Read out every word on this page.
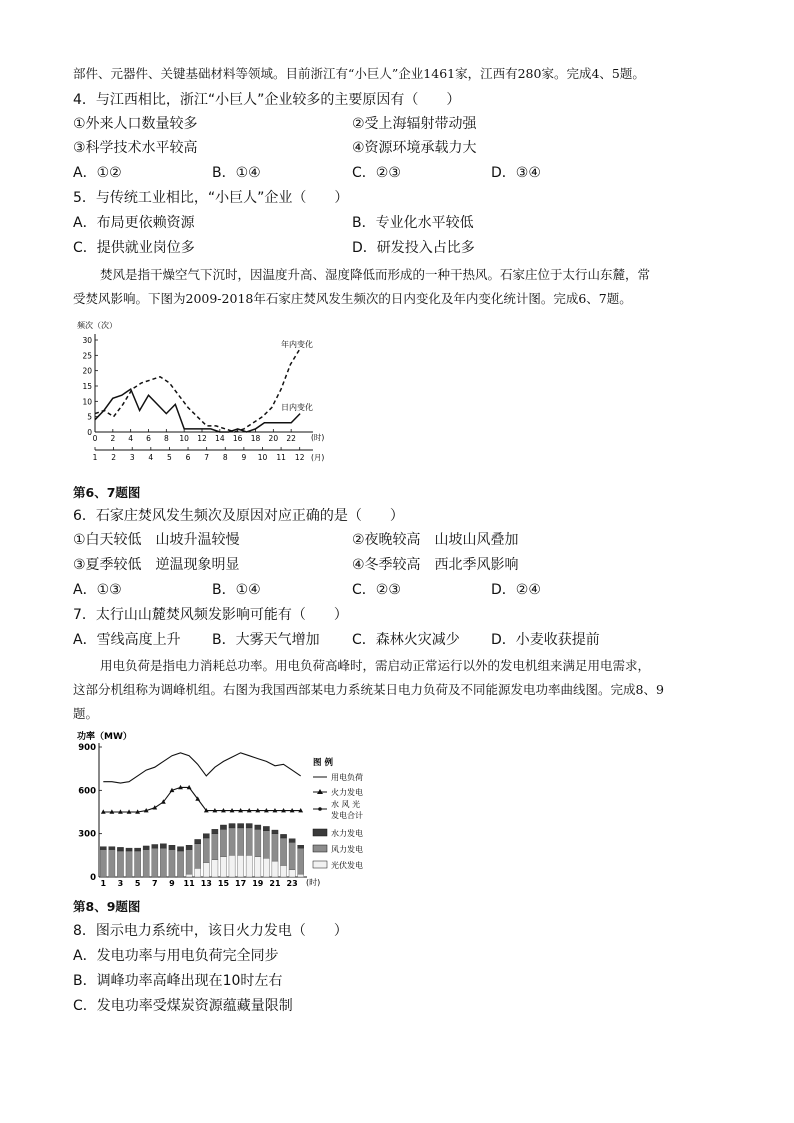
部件、元器件、关键基础材料等领域。目前浙江有“小巨人”企业1461家，江西有280家。完成4、5题。
4．与江西相比，浙江“小巨人”企业较多的主要原因有（　　）
①外来人口数量较多	②受上海辐射带动强
③科学技术水平较高	④资源环境承载力大
A．①②	B．①④	C．②③	D．③④
5．与传统工业相比，“小巨人”企业（　　）
A．布局更依赖资源	B．专业化水平较低
C．提供就业岗位多	D．研发投入占比多
焚风是指干燥空气下沉时，因温度升高、湿度降低而形成的一种干热风。石家庄位于太行山东麓，常
受焚风影响。下图为2009-2018年石家庄焚风发生频次的日内变化及年内变化统计图。完成6、7题。
频次（次）
0
5
10
15
20
25
30
0 2 4 6 8 10 12 14 16 18 20 22
1 2 3 4 5 6 7 8 9 10 11 12
年内变化
日内变化
(时)
(月)
第6、7题图
6．石家庄焚风发生频次及原因对应正确的是（　　）
①白天较低　山坡升温较慢	②夜晚较高　山坡山风叠加
③夏季较低　逆温现象明显	④冬季较高　西北季风影响
A．①③	B．①④	C．②③	D．②④
7．太行山山麓焚风频发影响可能有（　　）
A．雪线高度上升 B．大雾天气增加 C．森林火灾减少 D．小麦收获提前
用电负荷是指电力消耗总功率。用电负荷高峰时，需启动正常运行以外的发电机组来满足用电需求，
这部分机组称为调峰机组。右图为我国西部某电力系统某日电力负荷及不同能源发电功率曲线图。完成8、9
题。
功率（MW）
0
300
600
900
1 3 5 7 9 11 13 15 17 19 21 23 (时)
图 例
用电负荷
火力发电
水 风 光
发电合计
水力发电
风力发电
光伏发电
第8、9题图
8．图示电力系统中，该日火力发电（　　）
A．发电功率与用电负荷完全同步
B．调峰功率高峰出现在10时左右
C．发电功率受煤炭资源蕴藏量限制
